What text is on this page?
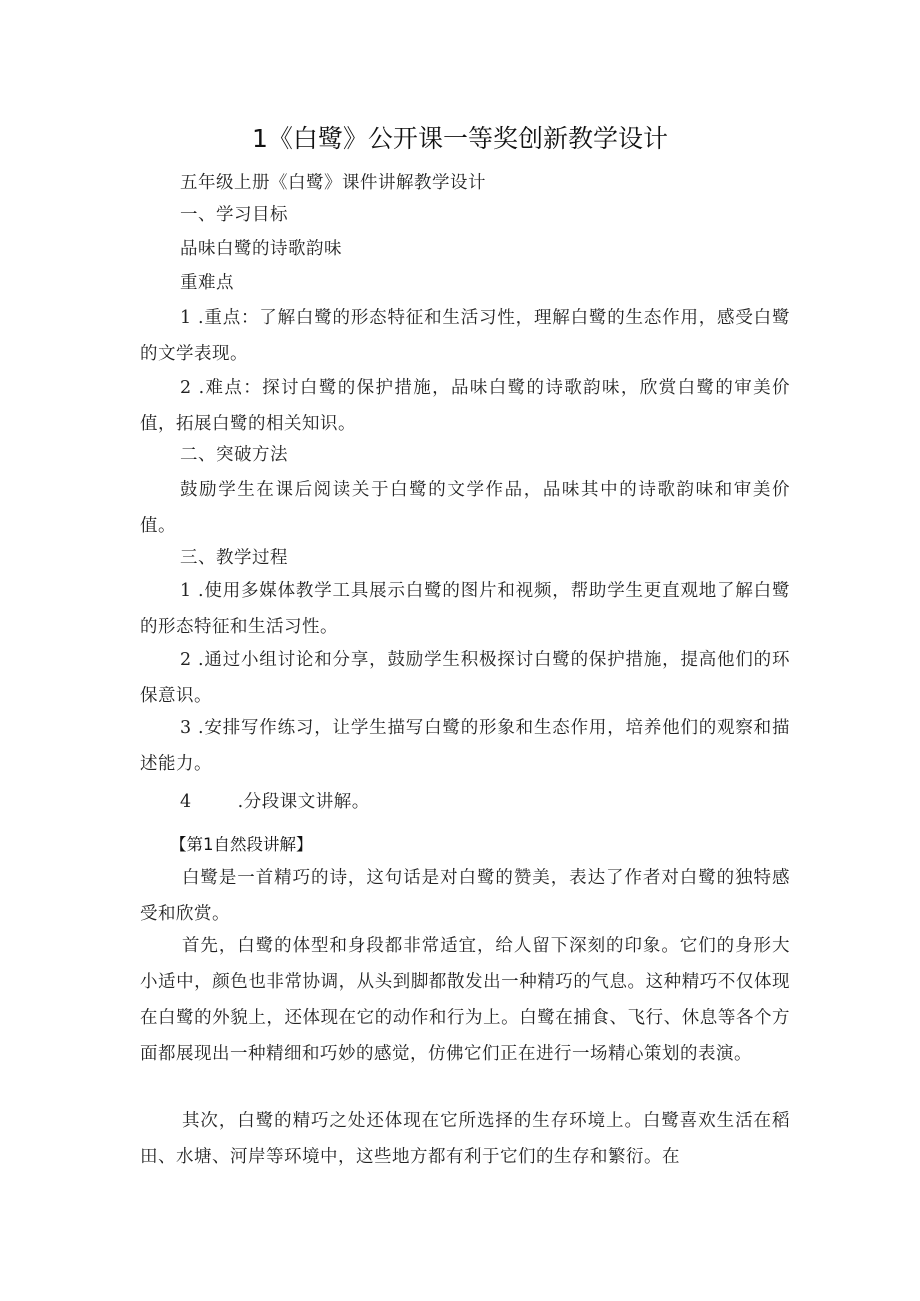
1《白鹭》公开课一等奖创新教学设计

五年级上册《白鹭》课件讲解教学设计

一、学习目标

品味白鹭的诗歌韵味

重难点

1 .重点：了解白鹭的形态特征和生活习性，理解白鹭的生态作用，感受白鹭的文学表现。

2 .难点：探讨白鹭的保护措施，品味白鹭的诗歌韵味，欣赏白鹭的审美价值，拓展白鹭的相关知识。

二、突破方法

鼓励学生在课后阅读关于白鹭的文学作品，品味其中的诗歌韵味和审美价值。

三、教学过程

1 .使用多媒体教学工具展示白鹭的图片和视频，帮助学生更直观地了解白鹭的形态特征和生活习性。

2 .通过小组讨论和分享，鼓励学生积极探讨白鹭的保护措施，提高他们的环保意识。

3 .安排写作练习，让学生描写白鹭的形象和生态作用，培养他们的观察和描述能力。

4	.分段课文讲解。

【第1自然段讲解】

白鹭是一首精巧的诗，这句话是对白鹭的赞美，表达了作者对白鹭的独特感受和欣赏。

首先，白鹭的体型和身段都非常适宜，给人留下深刻的印象。它们的身形大小适中，颜色也非常协调，从头到脚都散发出一种精巧的气息。这种精巧不仅体现在白鹭的外貌上，还体现在它的动作和行为上。白鹭在捕食、飞行、休息等各个方面都展现出一种精细和巧妙的感觉，仿佛它们正在进行一场精心策划的表演。

其次，白鹭的精巧之处还体现在它所选择的生存环境上。白鹭喜欢生活在稻田、水塘、河岸等环境中，这些地方都有利于它们的生存和繁衍。在
